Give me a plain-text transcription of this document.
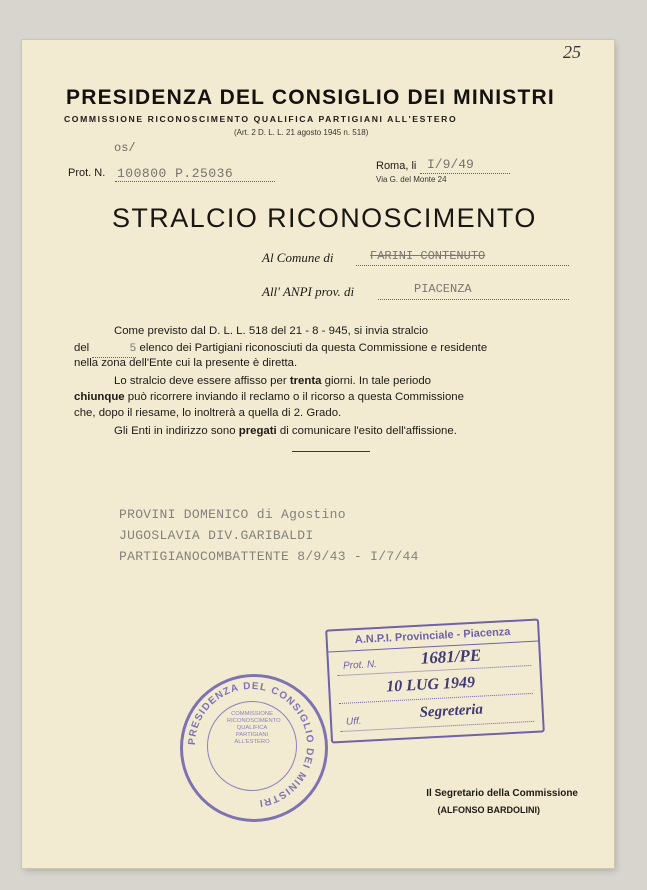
25
PRESIDENZA DEL CONSIGLIO DEI MINISTRI
COMMISSIONE RICONOSCIMENTO QUALIFICA PARTIGIANI ALL'ESTERO
(Art. 2 D. L. L. 21 agosto 1945 n. 518)
os/
Prot. N. 100800 P.25036	Roma, li I/9/49
Via G. del Monte 24
STRALCIO RICONOSCIMENTO
Al Comune di	FARINI CONTENUTO
All' ANPI prov. di	PIACENZA
Come previsto dal D. L. L. 518 del 21 - 8 - 945, si invia stralcio
del	5 elenco dei Partigiani riconosciuti da questa Commissione e residente
nella zona dell'Ente cui la presente è diretta.
Lo stralcio deve essere affisso per trenta giorni. In tale periodo
chiunque può ricorrere inviando il reclamo o il ricorso a questa Commissione
che, dopo il riesame, lo inoltrerà a quella di 2. Grado.
Gli Enti in indirizzo sono pregati di comunicare l'esito dell'affissione.
PROVINI DOMENICO di Agostino
JUGOSLAVIA DIV.GARIBALDI
PARTIGIANOCOMBATTENTE 8/9/43 - I/7/44
A.N.P.I. Provinciale - Piacenza
Prot. N.	1681/PE
10 LUG 1949
Uff.
Segreteria
PRESIDENZA DEL CONSIGLIO DEI MINISTRI
COMMISSIONE RICONOSCIMENTO QUALIFICA PARTIGIANI ALL'ESTERO
Il Segretario della Commissione
(ALFONSO BARDOLINI)
